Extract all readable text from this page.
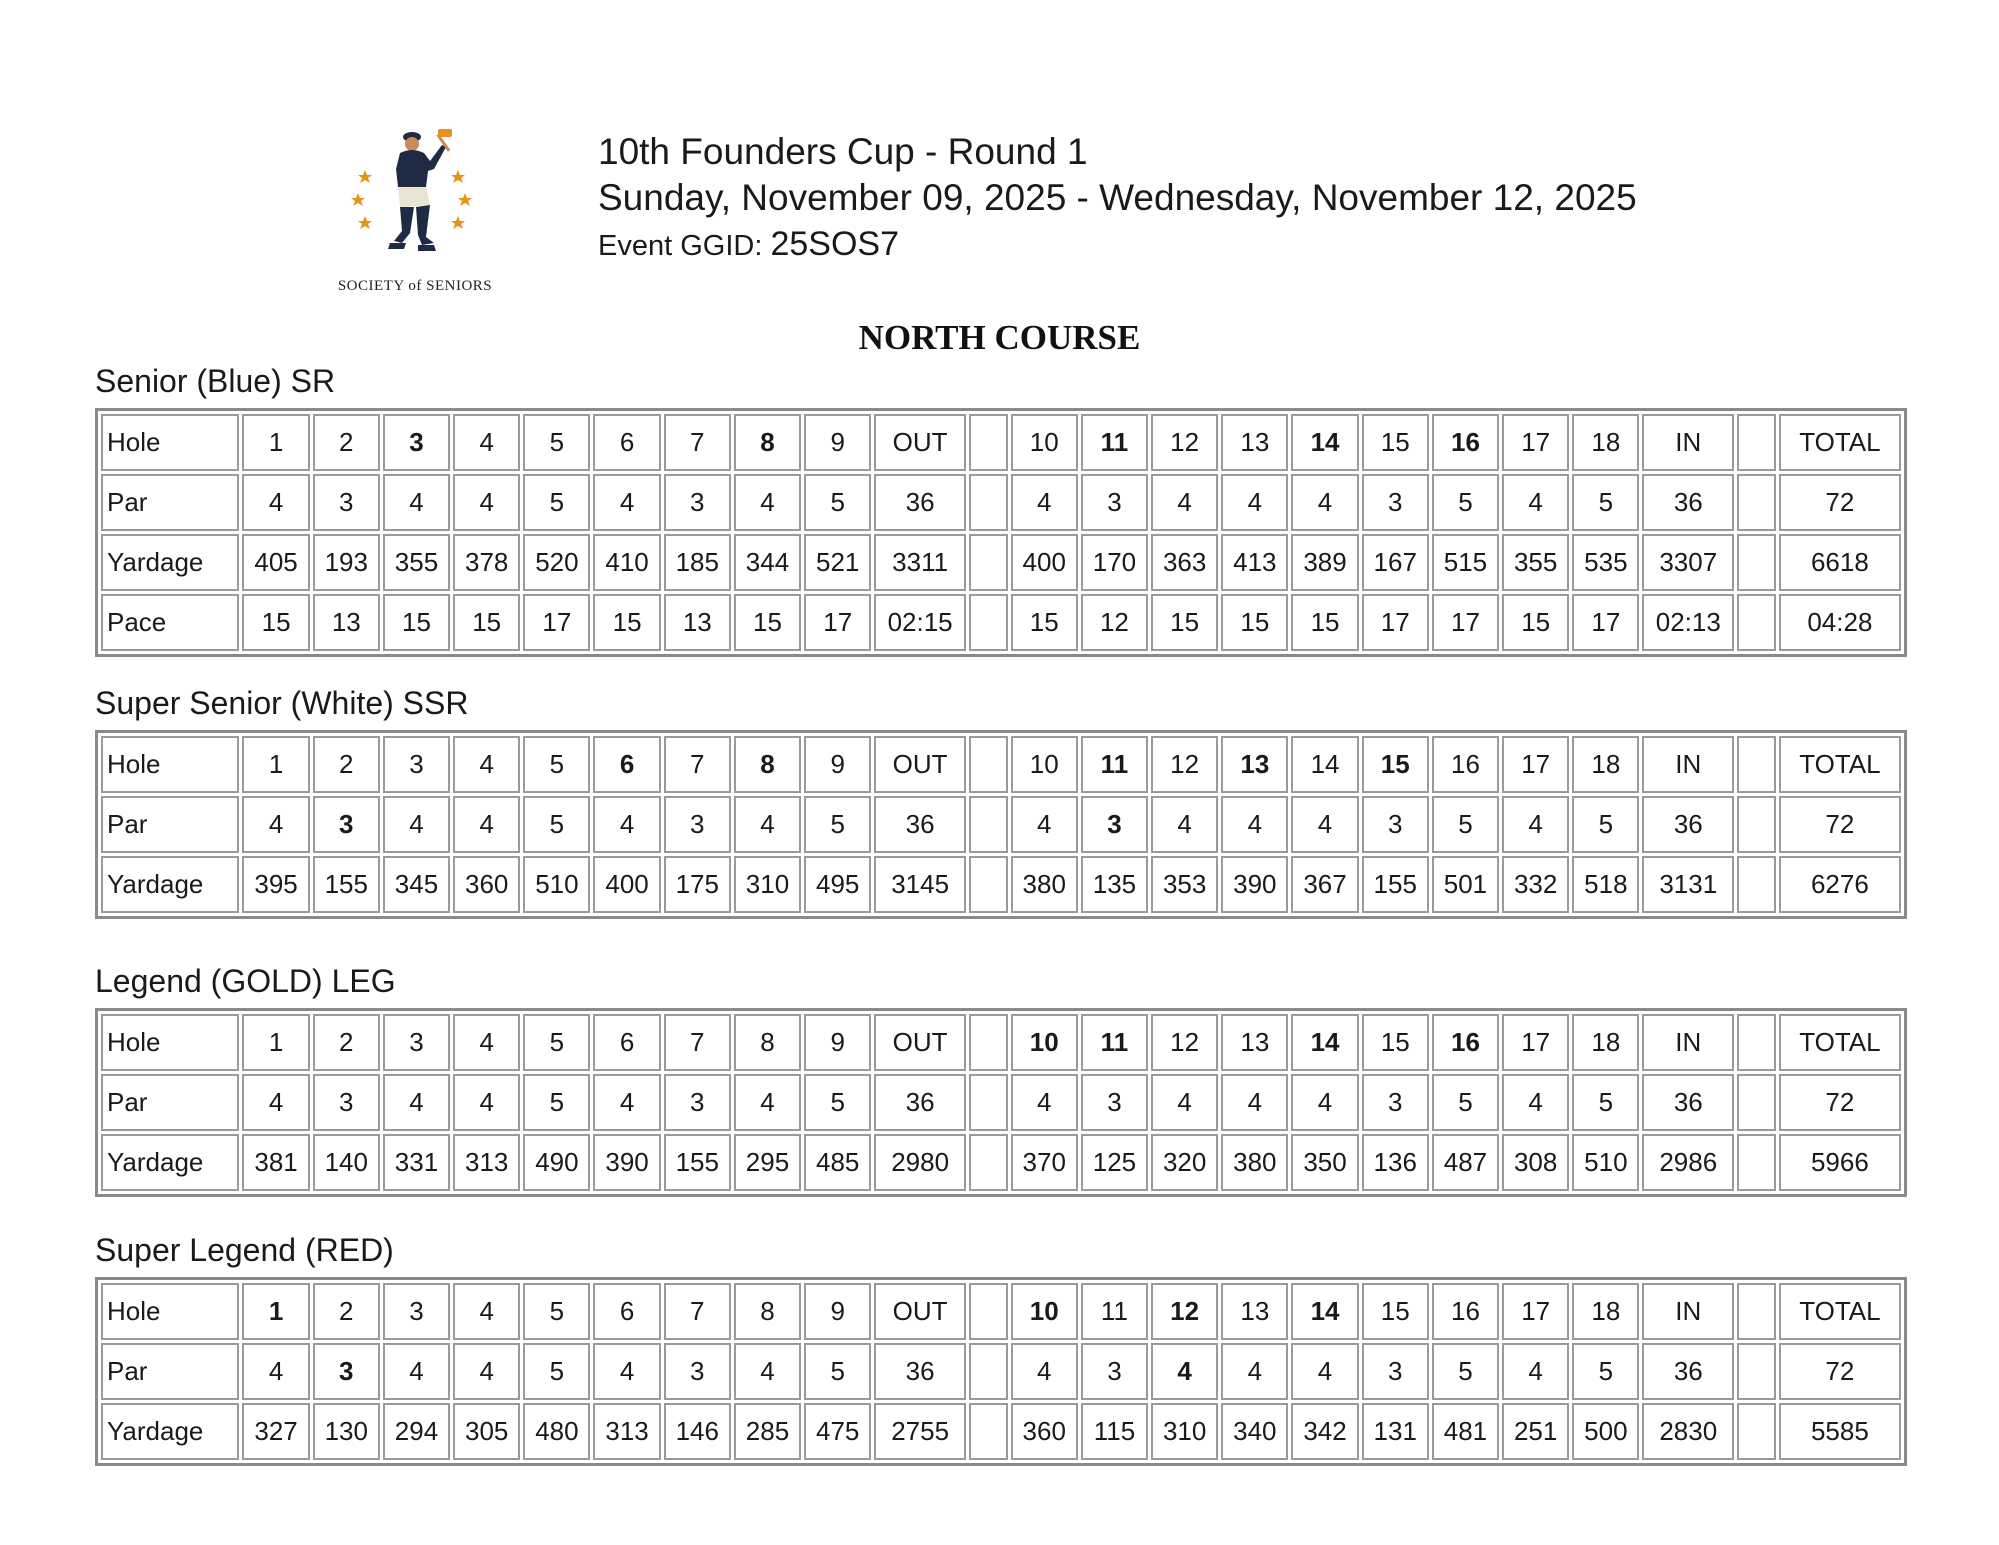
SOCIETY of SENIORS
10th Founders Cup - Round 1
Sunday, November 09, 2025 - Wednesday, November 12, 2025
Event GGID: 25SOS7
NORTH COURSE
Senior (Blue) SR
Hole	1	2	3	4	5	6	7	8	9	OUT		10	11	12	13	14	15	16	17	18	IN		TOTAL
Par	4	3	4	4	5	4	3	4	5	36		4	3	4	4	4	3	5	4	5	36		72
Yardage	405	193	355	378	520	410	185	344	521	3311		400	170	363	413	389	167	515	355	535	3307		6618
Pace	15	13	15	15	17	15	13	15	17	02:15		15	12	15	15	15	17	17	15	17	02:13		04:28
Super Senior (White) SSR
Hole	1	2	3	4	5	6	7	8	9	OUT		10	11	12	13	14	15	16	17	18	IN		TOTAL
Par	4	3	4	4	5	4	3	4	5	36		4	3	4	4	4	3	5	4	5	36		72
Yardage	395	155	345	360	510	400	175	310	495	3145		380	135	353	390	367	155	501	332	518	3131		6276
Legend (GOLD) LEG
Hole	1	2	3	4	5	6	7	8	9	OUT		10	11	12	13	14	15	16	17	18	IN		TOTAL
Par	4	3	4	4	5	4	3	4	5	36		4	3	4	4	4	3	5	4	5	36		72
Yardage	381	140	331	313	490	390	155	295	485	2980		370	125	320	380	350	136	487	308	510	2986		5966
Super Legend (RED)
Hole	1	2	3	4	5	6	7	8	9	OUT		10	11	12	13	14	15	16	17	18	IN		TOTAL
Par	4	3	4	4	5	4	3	4	5	36		4	3	4	4	4	3	5	4	5	36		72
Yardage	327	130	294	305	480	313	146	285	475	2755		360	115	310	340	342	131	481	251	500	2830		5585
